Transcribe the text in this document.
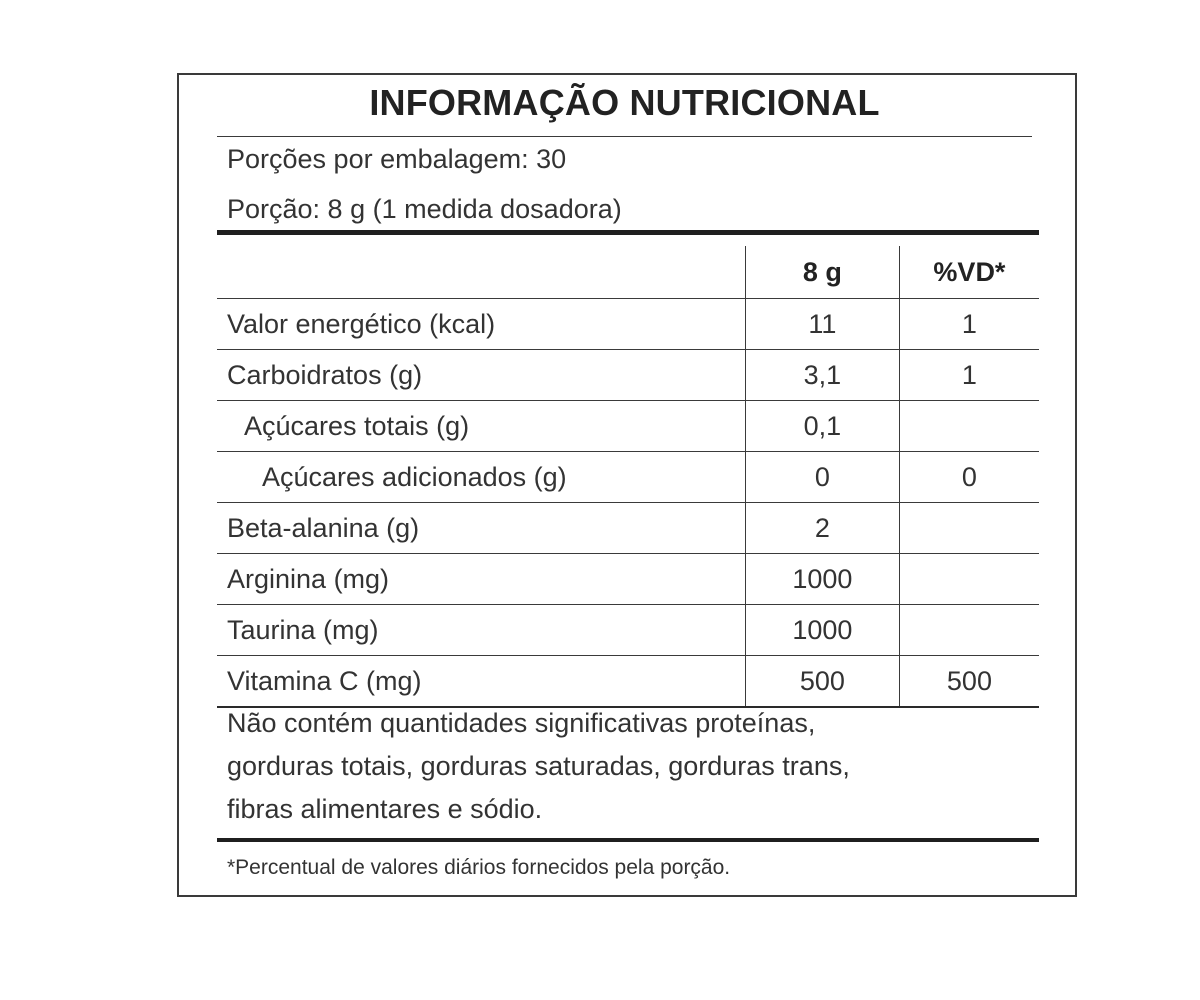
INFORMAÇÃO NUTRICIONAL
Porções por embalagem: 30
Porção: 8 g (1 medida dosadora)
	8 g	%VD*
Valor energético (kcal)	11	1
Carboidratos (g)	3,1	1
Açúcares totais (g)	0,1	
Açúcares adicionados (g)	0	0
Beta-alanina (g)	2	
Arginina (mg)	1000	
Taurina (mg)	1000	
Vitamina C (mg)	500	500

Não contém quantidades significativas proteínas,

gorduras totais, gorduras saturadas, gorduras trans,

fibras alimentares e sódio.

*Percentual de valores diários fornecidos pela porção.
